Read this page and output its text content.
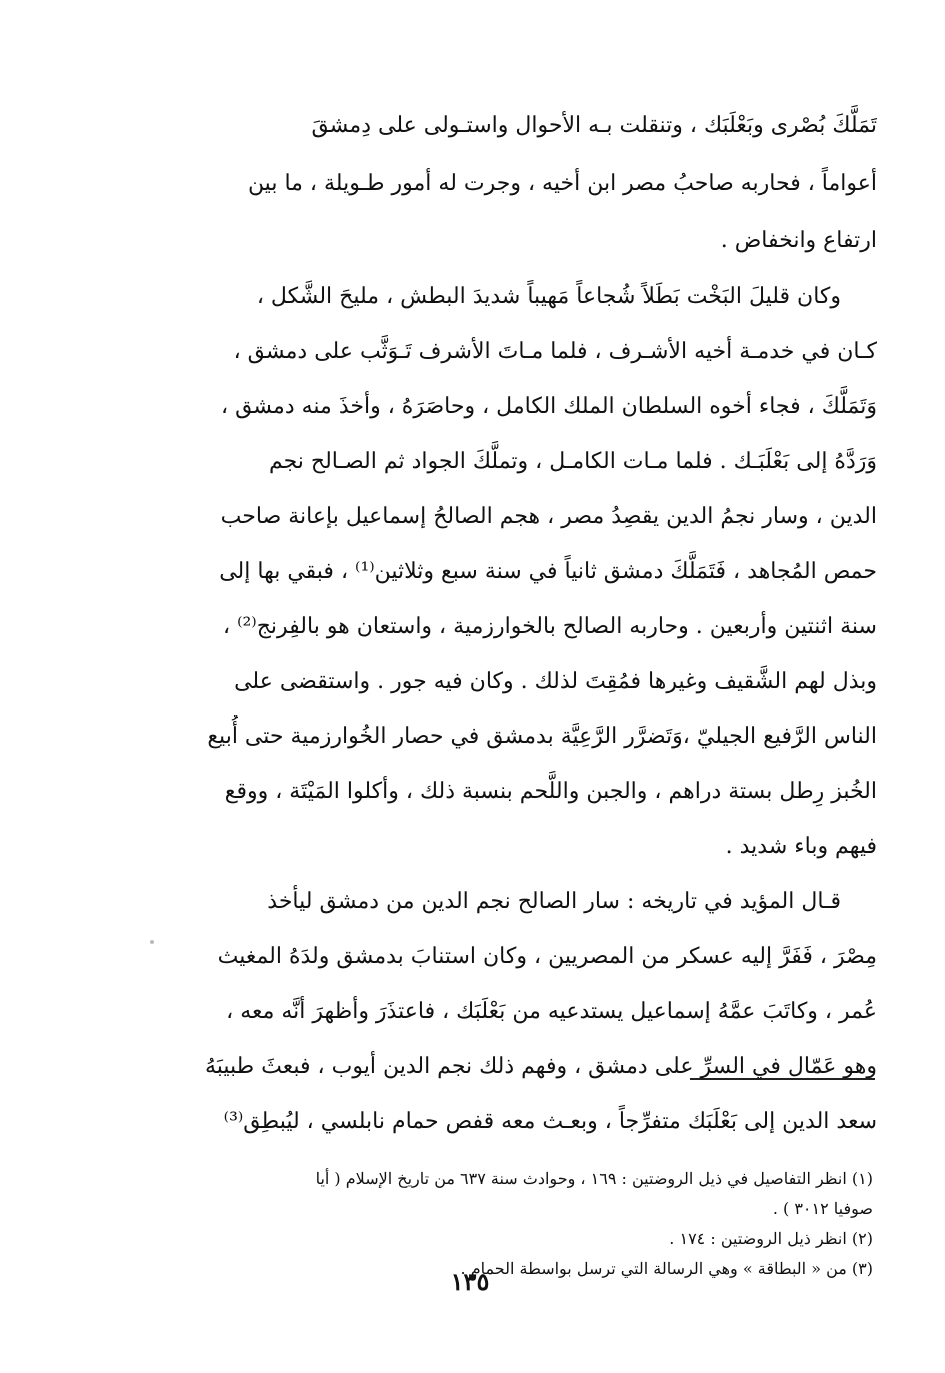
تَمَلَّكَ بُصْرى وبَعْلَبَك ، وتنقلت بـه الأحوال واستـولى على دِمشقَ
أعواماً ، فحاربه صاحبُ مصر ابن أخيه ، وجرت له أمور طـويلة ، ما بين
ارتفاع وانخفاض .
وكان قليلَ البَخْت بَطَلاً شُجاعاً مَهيباً شديدَ البطش ، مليحَ الشَّكل ،
كـان في خدمـة أخيه الأشـرف ، فلما مـاتَ الأشرف تَـوَثَّب على دمشق ،
وَتَمَلَّكَ ، فجاء أخوه السلطان الملك الكامل ، وحاصَرَهُ ، وأخذَ منه دمشق ،
وَرَدَّهُ إلى بَعْلَبَـك . فلما مـات الكامـل ، وتملَّكَ الجواد ثم الصـالح نجم
الدين ، وسار نجمُ الدين يقصِدُ مصر ، هجم الصالحُ إسماعيل بإعانة صاحب
حمص المُجاهد ، فَتَمَلَّكَ دمشق ثانياً في سنة سبع وثلاثين⁽¹⁾ ، فبقي بها إلى
سنة اثنتين وأربعين . وحاربه الصالح بالخوارزمية ، واستعان هو بالفِرنج⁽²⁾ ،
وبذل لهم الشَّقيف وغيرها فمُقِتَ لذلك . وكان فيه جور . واستقضى على
الناس الرَّفيع الجيليّ ،وَتَضرَّر الرَّعِيَّة بدمشق في حصار الخُوارزمية حتى أُبيع
الخُبز رِطل بستة دراهم ، والجبن واللَّحم بنسبة ذلك ، وأكلوا المَيْتَة ، ووقع
فيهم وباء شديد .
قـال المؤيد في تاريخه : سار الصالح نجم الدين من دمشق ليأخذ
مِصْرَ ، فَفَرَّ إليه عسكر من المصريين ، وكان استنابَ بدمشق ولدَهُ المغيث
عُمر ، وكاتَبَ عمَّهُ إسماعيل يستدعيه من بَعْلَبَك ، فاعتذَرَ وأظهرَ أنَّه معه ،
وهو عَمّال في السرِّ على دمشق ، وفهم ذلك نجم الدين أيوب ، فبعثَ طبيبَهُ
سعد الدين إلى بَعْلَبَك متفرِّجاً ، وبعـث معه قفص حمام نابلسي ، ليُبطِق⁽³⁾
(١) انظر التفاصيل في ذيل الروضتين : ١٦٩ ، وحوادث سنة ٦٣٧ من تاريخ الإسلام ( أيا
صوفيا ٣٠١٢ ) .
(٢) انظر ذيل الروضتين : ١٧٤ .
(٣) من « البطاقة » وهي الرسالة التي ترسل بواسطة الحمام .
١٣٥
